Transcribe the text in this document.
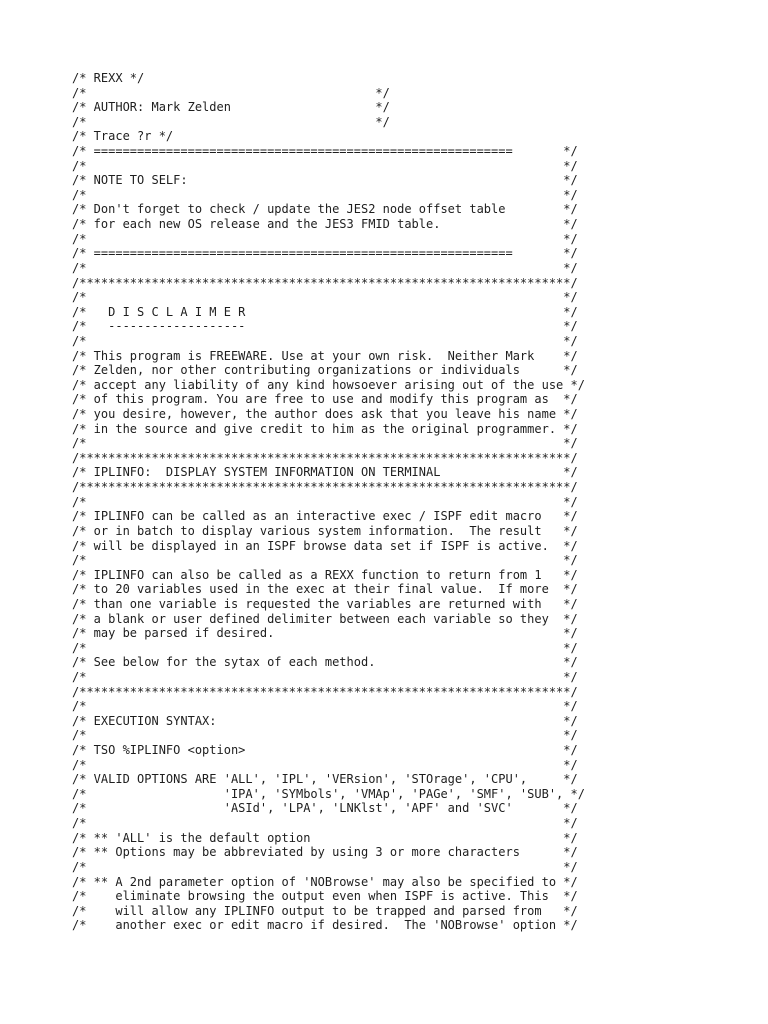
/* REXX */
/*                                        */
/* AUTHOR: Mark Zelden                    */
/*                                        */
/* Trace ?r */
/* ==========================================================       */
/*                                                                  */
/* NOTE TO SELF:                                                    */
/*                                                                  */
/* Don't forget to check / update the JES2 node offset table        */
/* for each new OS release and the JES3 FMID table.                 */
/*                                                                  */
/* ==========================================================       */
/*                                                                  */
/********************************************************************/
/*                                                                  */
/*   D I S C L A I M E R                                            */
/*   -------------------                                            */
/*                                                                  */
/* This program is FREEWARE. Use at your own risk.  Neither Mark    */
/* Zelden, nor other contributing organizations or individuals      */
/* accept any liability of any kind howsoever arising out of the use */
/* of this program. You are free to use and modify this program as  */
/* you desire, however, the author does ask that you leave his name */
/* in the source and give credit to him as the original programmer. */
/*                                                                  */
/********************************************************************/
/* IPLINFO:  DISPLAY SYSTEM INFORMATION ON TERMINAL                 */
/********************************************************************/
/*                                                                  */
/* IPLINFO can be called as an interactive exec / ISPF edit macro   */
/* or in batch to display various system information.  The result   */
/* will be displayed in an ISPF browse data set if ISPF is active.  */
/*                                                                  */
/* IPLINFO can also be called as a REXX function to return from 1   */
/* to 20 variables used in the exec at their final value.  If more  */
/* than one variable is requested the variables are returned with   */
/* a blank or user defined delimiter between each variable so they  */
/* may be parsed if desired.                                        */
/*                                                                  */
/* See below for the sytax of each method.                          */
/*                                                                  */
/********************************************************************/
/*                                                                  */
/* EXECUTION SYNTAX:                                                */
/*                                                                  */
/* TSO %IPLINFO <option>                                            */
/*                                                                  */
/* VALID OPTIONS ARE 'ALL', 'IPL', 'VERsion', 'STOrage', 'CPU',     */
/*                   'IPA', 'SYMbols', 'VMAp', 'PAGe', 'SMF', 'SUB', */
/*                   'ASId', 'LPA', 'LNKlst', 'APF' and 'SVC'       */
/*                                                                  */
/* ** 'ALL' is the default option                                   */
/* ** Options may be abbreviated by using 3 or more characters      */
/*                                                                  */
/* ** A 2nd parameter option of 'NOBrowse' may also be specified to */
/*    eliminate browsing the output even when ISPF is active. This  */
/*    will allow any IPLINFO output to be trapped and parsed from   */
/*    another exec or edit macro if desired.  The 'NOBrowse' option */
